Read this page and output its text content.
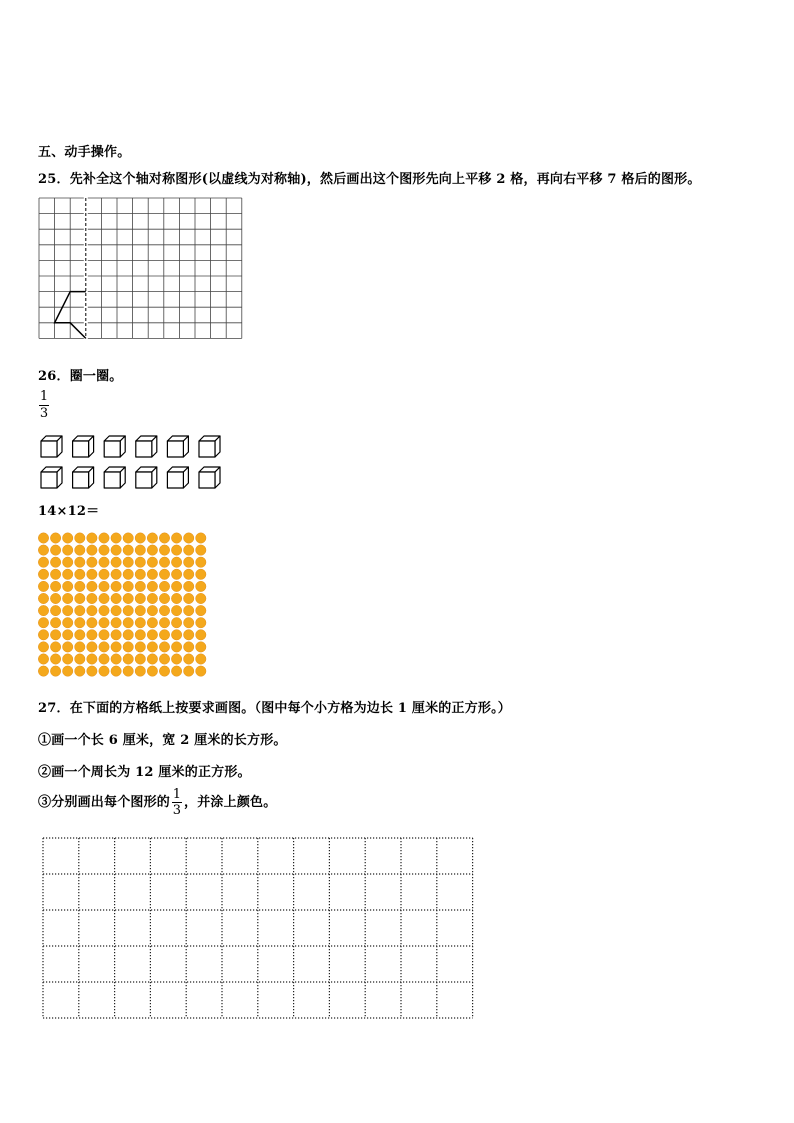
五、动手操作。
25．先补全这个轴对称图形(以虚线为对称轴)，然后画出这个图形先向上平移 2 格，再向右平移 7 格后的图形。
26．圈一圈。
1
3
14×12＝
27．在下面的方格纸上按要求画图。（图中每个小方格为边长 1 厘米的正方形。）
①画一个长 6 厘米，宽 2 厘米的长方形。
②画一个周长为 12 厘米的正方形。
③分别画出每个图形的 $\frac{1}{3}$ ，并涂上颜色。
